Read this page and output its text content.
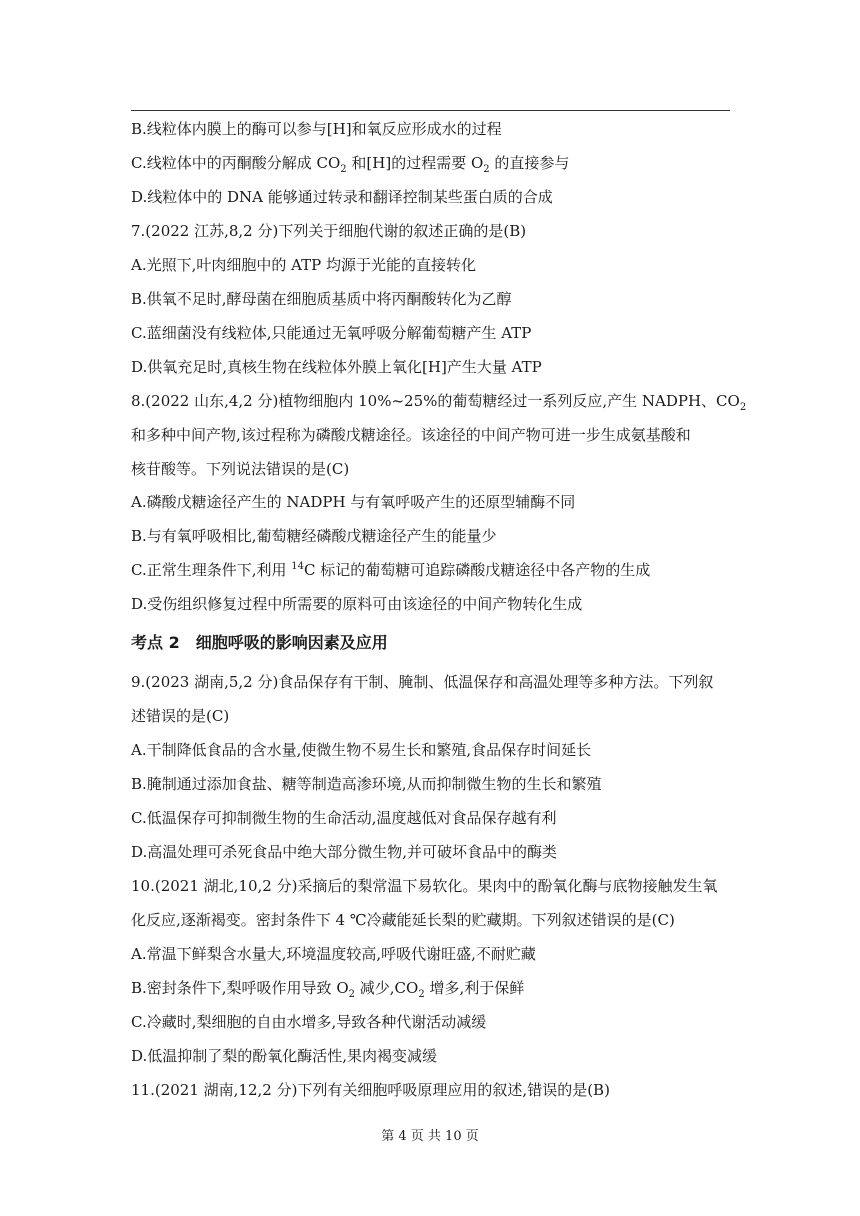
B.线粒体内膜上的酶可以参与[H]和氧反应形成水的过程
C.线粒体中的丙酮酸分解成 $CO_2$ 和[H]的过程需要 $O_2$ 的直接参与
D.线粒体中的 DNA 能够通过转录和翻译控制某些蛋白质的合成
7.(2022 江苏,8,2 分)下列关于细胞代谢的叙述正确的是(B)
A.光照下,叶肉细胞中的 ATP 均源于光能的直接转化
B.供氧不足时,酵母菌在细胞质基质中将丙酮酸转化为乙醇
C.蓝细菌没有线粒体,只能通过无氧呼吸分解葡萄糖产生 ATP
D.供氧充足时,真核生物在线粒体外膜上氧化[H]产生大量 ATP
8.(2022 山东,4,2 分)植物细胞内 10%~25%的葡萄糖经过一系列反应,产生 NADPH、$CO_2$
和多种中间产物,该过程称为磷酸戊糖途径。该途径的中间产物可进一步生成氨基酸和
核苷酸等。下列说法错误的是(C)
A.磷酸戊糖途径产生的 NADPH 与有氧呼吸产生的还原型辅酶不同
B.与有氧呼吸相比,葡萄糖经磷酸戊糖途径产生的能量少
C.正常生理条件下,利用 $^{14}$C 标记的葡萄糖可追踪磷酸戊糖途径中各产物的生成
D.受伤组织修复过程中所需要的原料可由该途径的中间产物转化生成
考点 2　细胞呼吸的影响因素及应用
9.(2023 湖南,5,2 分)食品保存有干制、腌制、低温保存和高温处理等多种方法。下列叙
述错误的是(C)
A.干制降低食品的含水量,使微生物不易生长和繁殖,食品保存时间延长
B.腌制通过添加食盐、糖等制造高渗环境,从而抑制微生物的生长和繁殖
C.低温保存可抑制微生物的生命活动,温度越低对食品保存越有利
D.高温处理可杀死食品中绝大部分微生物,并可破坏食品中的酶类
10.(2021 湖北,10,2 分)采摘后的梨常温下易软化。果肉中的酚氧化酶与底物接触发生氧
化反应,逐渐褐变。密封条件下 4 ℃冷藏能延长梨的贮藏期。下列叙述错误的是(C)
A.常温下鲜梨含水量大,环境温度较高,呼吸代谢旺盛,不耐贮藏
B.密封条件下,梨呼吸作用导致 $O_2$ 减少$,CO_2$ 增多,利于保鲜
C.冷藏时,梨细胞的自由水增多,导致各种代谢活动减缓
D.低温抑制了梨的酚氧化酶活性,果肉褐变减缓
11.(2021 湖南,12,2 分)下列有关细胞呼吸原理应用的叙述,错误的是(B)
第 4 页 共 10 页
